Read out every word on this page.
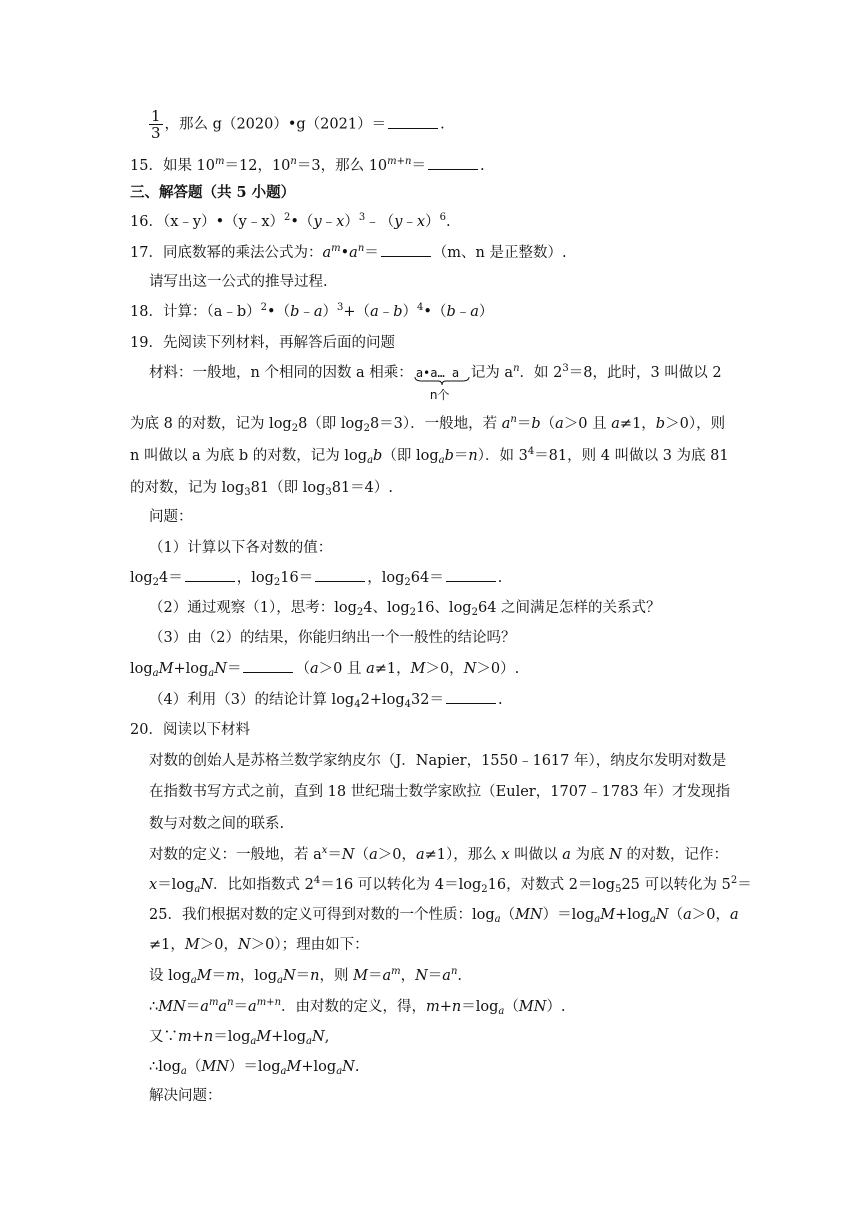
$\frac{1}{3}$ ，那么 g（2020）•g（2021）＝	.
15．如果 $10^m=12$，$10^n=3$，那么 $10^{m+n}=$	.
三、解答题（共 5 小题）
16．（x﹣y）•（y﹣x）$^2$•（y﹣x）$^3$﹣（y﹣x）$^6$.
17．同底数幂的乘法公式为：$a^m•a^n=$	（m、n 是正整数）.
请写出这一公式的推导过程.
18．计算：（a﹣b）$^2$•（b﹣a）$^3$+（a﹣b）$^4$•（b﹣a）
19．先阅读下列材料，再解答后面的问题
材料：一般地，n 个相同的因数 a 相乘： a•a… a
n个
记为 $a^n$．如 $2^3=8$，此时，3 叫做以 2
为底 8 的对数，记为 $\log_28$（即 $\log_28=3$）．一般地，若 $a^n=b(a>0$ 且 a≠1，b＞0），则
n 叫做以 a 为底 b 的对数，记为 $\log_ab$（即 $\log_ab=n$）．如 $3^4=81$，则 4 叫做以 3 为底 81
的对数，记为 $\log_381$（即 $\log_381=4$）.
问题：
（1）计算以下各对数的值：
$\log_24=$	，$\log_216=$	，$\log_264=$	.
（2）通过观察（1），思考：$\log_24$、$\log_216$、$\log_264$ 之间满足怎样的关系式？
（3）由（2）的结果，你能归纳出一个一般性的结论吗？
$\log_aM+\log_aN=$	（a＞0 且 a≠1，M＞0，N＞0）.
（4）利用（3）的结论计算 $\log_42+\log_432=$	.
20．阅读以下材料
对数的创始人是苏格兰数学家纳皮尔（J．Napier，1550﹣1617 年），纳皮尔发明对数是
在指数书写方式之前，直到 18 世纪瑞士数学家欧拉（Euler，1707﹣1783 年）才发现指
数与对数之间的联系.
对数的定义：一般地，若 $a^x=N(a>0$，a≠1），那么 x 叫做以 a 为底 N 的对数，记作：
$x=\log_aN$．比如指数式 $2^4=16$ 可以转化为 $4=\log_216$，对数式 $2=\log_525$ 可以转化为 $5^2=$
25．我们根据对数的定义可得到对数的一个性质：$\log_a(MN)=\log_aM+\log_aN(a>0$，a
≠1，M＞0，N＞0）；理由如下：
设 $\log_aM=m$，$\log_aN=n$，则 $M=a^m$，$N=a^n$.
$\therefore MN=a^ma^n=a^{m+n}$．由对数的定义，得，$m+n=\log_a(MN)$.
又$\because m+n=\log_aM+\log_aN$,
$\therefore\log_a(MN)=\log_aM+\log_aN$.
解决问题：
